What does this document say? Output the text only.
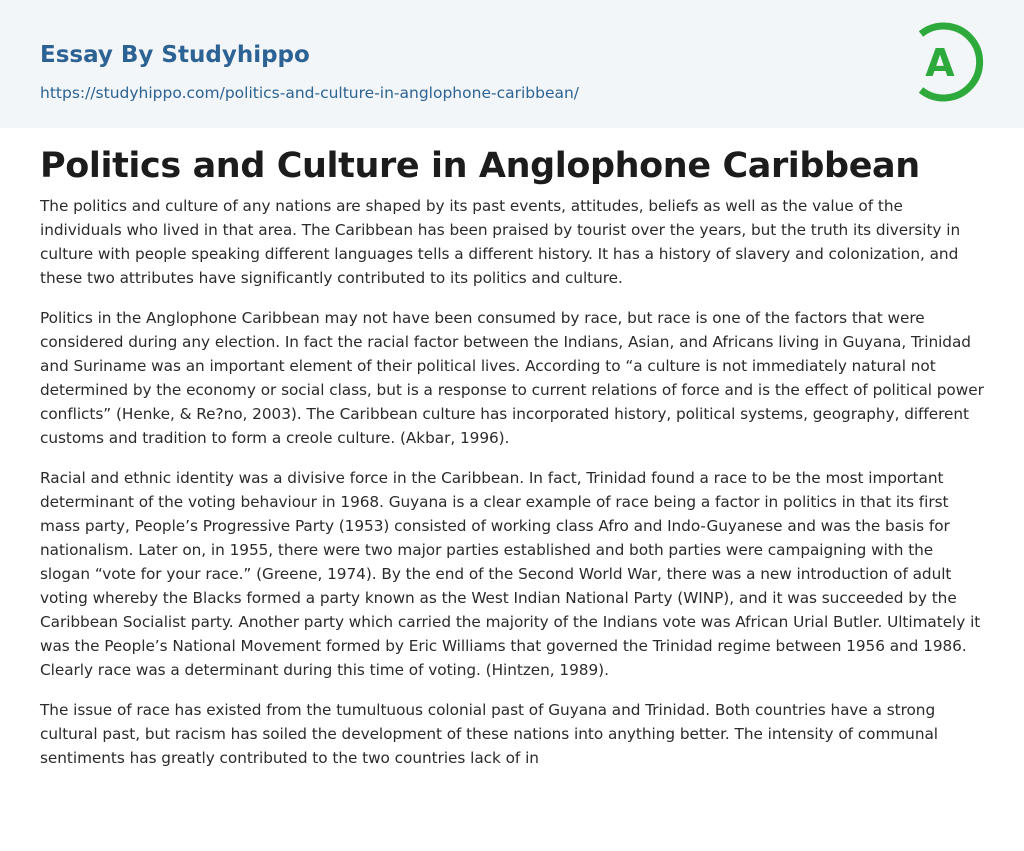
Essay By Studyhippo
https://studyhippo.com/politics-and-culture-in-anglophone-caribbean/
A
Politics and Culture in Anglophone Caribbean

The politics and culture of any nations are shaped by its past events, attitudes, beliefs as well as the value of the individuals who lived in that area. The Caribbean has been praised by tourist over the years, but the truth its diversity in culture with people speaking different languages tells a different history. It has a history of slavery and colonization, and these two attributes have significantly contributed to its politics and culture.

Politics in the Anglophone Caribbean may not have been consumed by race, but race is one of the factors that were considered during any election. In fact the racial factor between the Indians, Asian, and Africans living in Guyana, Trinidad and Suriname was an important element of their political lives. According to “a culture is not immediately natural not determined by the economy or social class, but is a response to current relations of force and is the effect of political power conflicts” (Henke, & Re?no, 2003). The Caribbean culture has incorporated history, political systems, geography, different customs and tradition to form a creole culture. (Akbar, 1996).

Racial and ethnic identity was a divisive force in the Caribbean. In fact, Trinidad found a race to be the most important determinant of the voting behaviour in 1968. Guyana is a clear example of race being a factor in politics in that its first mass party, People’s Progressive Party (1953) consisted of working class Afro and Indo-Guyanese and was the basis for nationalism. Later on, in 1955, there were two major parties established and both parties were campaigning with the slogan “vote for your race.” (Greene, 1974). By the end of the Second World War, there was a new introduction of adult voting whereby the Blacks formed a party known as the West Indian National Party (WINP), and it was succeeded by the Caribbean Socialist party. Another party which carried the majority of the Indians vote was African Urial Butler. Ultimately it was the People’s National Movement formed by Eric Williams that governed the Trinidad regime between 1956 and 1986. Clearly race was a determinant during this time of voting. (Hintzen, 1989).

The issue of race has existed from the tumultuous colonial past of Guyana and Trinidad. Both countries have a strong cultural past, but racism has soiled the development of these nations into anything better. The intensity of communal sentiments has greatly contributed to the two countries lack of in
